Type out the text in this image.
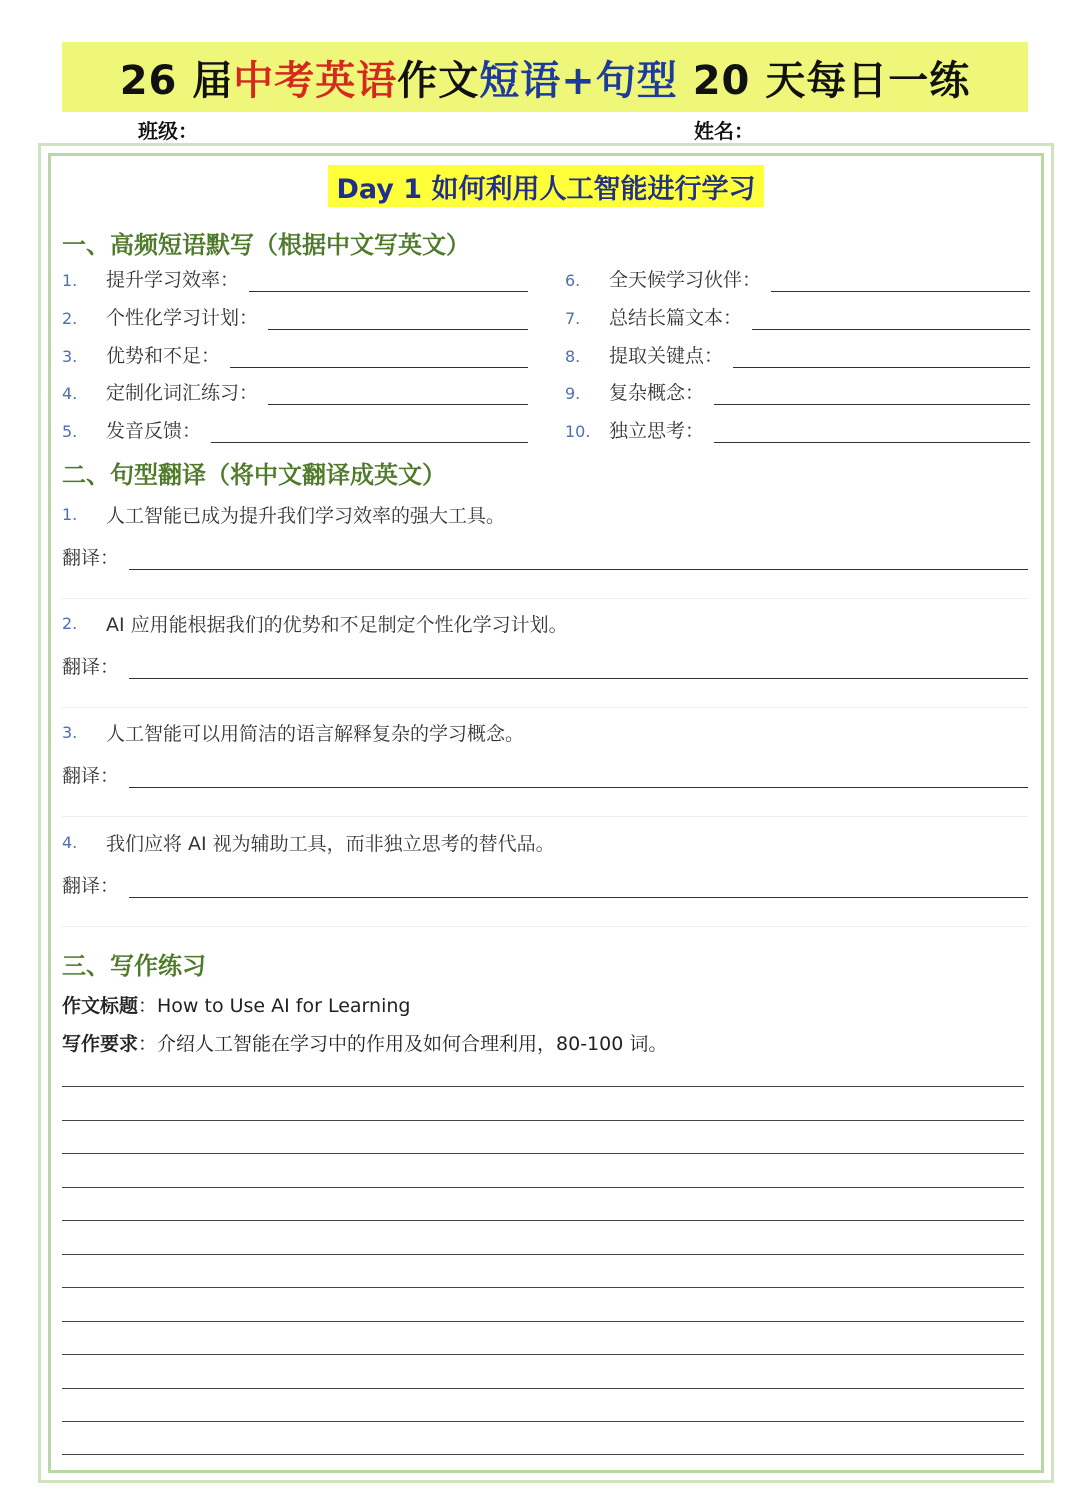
26 届 中考英语 作文 短语+句型 20 天每日一练
班级：	姓名：
Day 1 如何利用人工智能进行学习
一、高频短语默写（根据中文写英文）
1.	提升学习效率：
2.	个性化学习计划：
3.	优势和不足：
4.	定制化词汇练习：
5.	发音反馈：
6.	全天候学习伙伴：
7.	总结长篇文本：
8.	提取关键点：
9.	复杂概念：
10. 独立思考：
二、句型翻译（将中文翻译成英文）
1.	人工智能已成为提升我们学习效率的强大工具。
翻译：
2.	AI 应用能根据我们的优势和不足制定个性化学习计划。
翻译：
3.	人工智能可以用简洁的语言解释复杂的学习概念。
翻译：
4.	我们应将 AI 视为辅助工具，而非独立思考的替代品。
翻译：
三、写作练习
作文标题：How to Use AI for Learning
写作要求：介绍人工智能在学习中的作用及如何合理利用，80-100 词。
